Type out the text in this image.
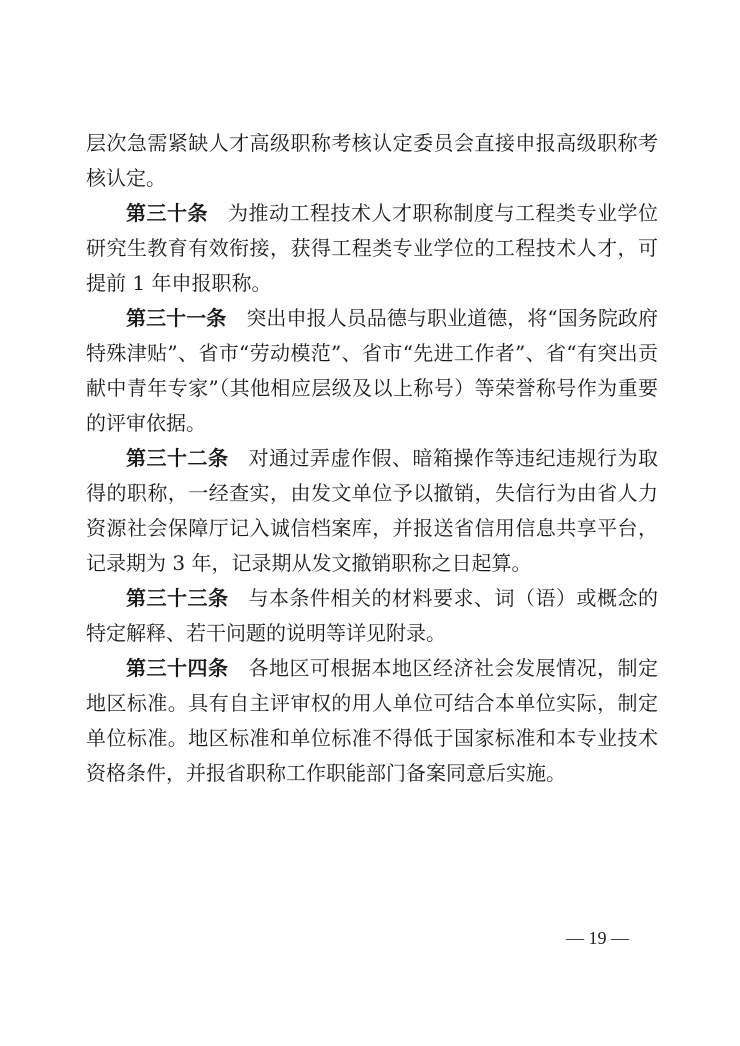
层次急需紧缺人才高级职称考核认定委员会直接申报高级职称考核认定。

第三十条 为推动工程技术人才职称制度与工程类专业学位研究生教育有效衔接，获得工程类专业学位的工程技术人才，可提前 1 年申报职称。

第三十一条 突出申报人员品德与职业道德，将“国务院政府特殊津贴”、省市“劳动模范”、省市“先进工作者”、省“有突出贡献中青年专家”（其他相应层级及以上称号）等荣誉称号作为重要的评审依据。

第三十二条 对通过弄虚作假、暗箱操作等违纪违规行为取得的职称，一经查实，由发文单位予以撤销，失信行为由省人力资源社会保障厅记入诚信档案库，并报送省信用信息共享平台，记录期为 3 年，记录期从发文撤销职称之日起算。

第三十三条 与本条件相关的材料要求、词（语）或概念的特定解释、若干问题的说明等详见附录。

第三十四条 各地区可根据本地区经济社会发展情况，制定地区标准。具有自主评审权的用人单位可结合本单位实际，制定单位标准。地区标准和单位标准不得低于国家标准和本专业技术资格条件，并报省职称工作职能部门备案同意后实施。

— 19 —
